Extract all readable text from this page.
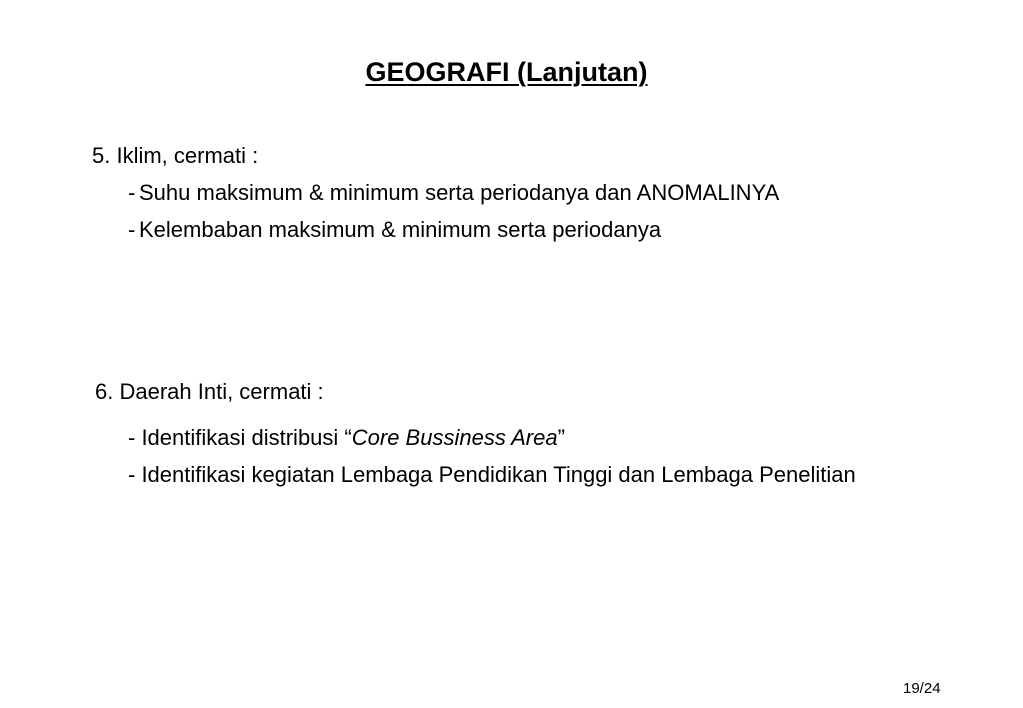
GEOGRAFI (Lanjutan)
5. Iklim, cermati :
- Suhu maksimum & minimum serta periodanya dan ANOMALINYA
- Kelembaban maksimum & minimum serta periodanya
6. Daerah Inti, cermati :
- Identifikasi distribusi “Core Bussiness Area”
- Identifikasi kegiatan Lembaga Pendidikan Tinggi dan Lembaga Penelitian
19/24
